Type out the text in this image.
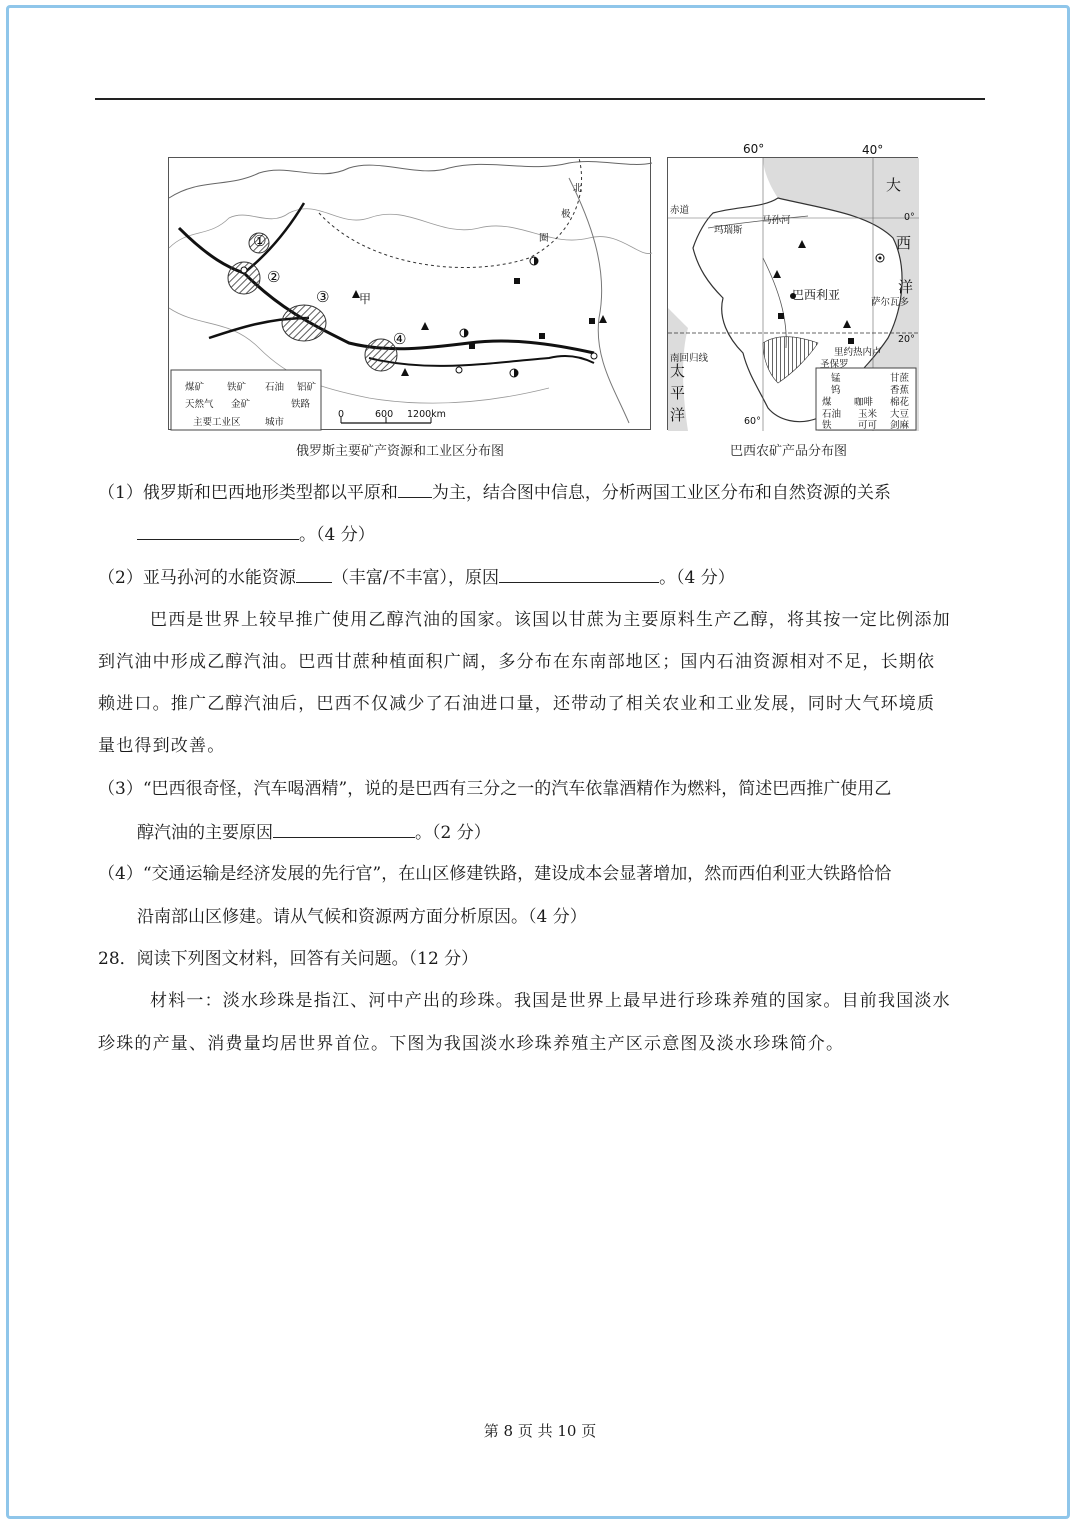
北
极
圈
甲
①
②
③
④
煤矿 铁矿 石油 铝矿
天然气 金矿	铁路
主要工业区	城市
0	600 1200km
俄罗斯主要矿产资源和工业区分布图
60°
赤道
玛瑞斯
马孙河
巴西利亚
萨尔瓦多
里约热内卢
圣保罗
南回归线
0°
20°
60°
大
西
洋
太
平
洋
锰	甘蔗
钨	香蕉
煤 咖啡 棉花
石油 玉米 大豆
铁	可可 剑麻
40°
巴西农矿产品分布图
（1）俄罗斯和巴西地形类型都以平原和 为主，结合图中信息，分析两国工业区分布和自然资源的关系
。（4 分）
（2）亚马孙河的水能资源 （丰富/不丰富），原因	。（4 分）
巴西是世界上较早推广使用乙醇汽油的国家。该国以甘蔗为主要原料生产乙醇，将其按一定比例添加
到汽油中形成乙醇汽油。巴西甘蔗种植面积广阔，多分布在东南部地区；国内石油资源相对不足，长期依
赖进口。推广乙醇汽油后，巴西不仅减少了石油进口量，还带动了相关农业和工业发展，同时大气环境质
量也得到改善。
（3）“巴西很奇怪，汽车喝酒精”，说的是巴西有三分之一的汽车依靠酒精作为燃料，简述巴西推广使用乙
醇汽油的主要原因	。（2 分）
（4）“交通运输是经济发展的先行官”，在山区修建铁路，建设成本会显著增加，然而西伯利亚大铁路恰恰
沿南部山区修建。请从气候和资源两方面分析原因。（4 分）
28．阅读下列图文材料，回答有关问题。（12 分）
材料一：淡水珍珠是指江、河中产出的珍珠。我国是世界上最早进行珍珠养殖的国家。目前我国淡水
珍珠的产量、消费量均居世界首位。下图为我国淡水珍珠养殖主产区示意图及淡水珍珠简介。
第 8 页 共 10 页
